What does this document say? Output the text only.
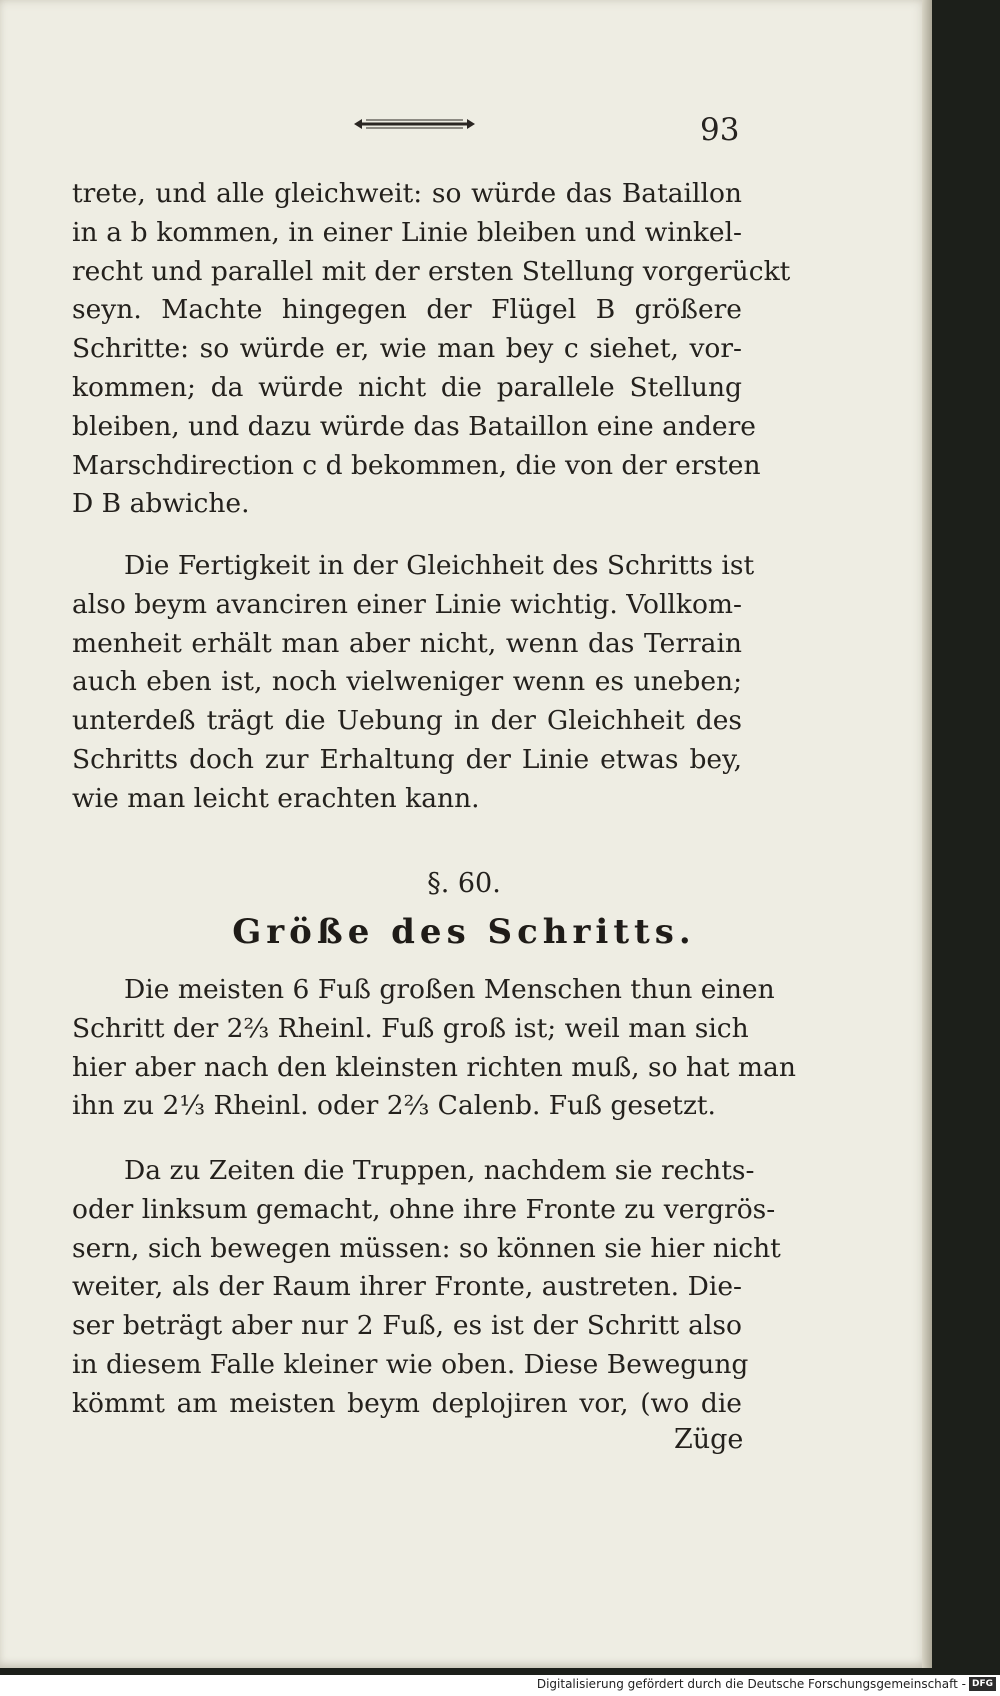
93
trete, und alle gleichweit: so würde das Bataillon
in a b kommen, in einer Linie bleiben und winkel-
recht und parallel mit der ersten Stellung vorgerückt
seyn. Machte hingegen der Flügel B größere
Schritte: so würde er, wie man bey c siehet, vor-
kommen; da würde nicht die parallele Stellung
bleiben, und dazu würde das Bataillon eine andere
Marschdirection c d bekommen, die von der ersten
D B abwiche.
Die Fertigkeit in der Gleichheit des Schritts ist
also beym avanciren einer Linie wichtig. Vollkom-
menheit erhält man aber nicht, wenn das Terrain
auch eben ist, noch vielweniger wenn es uneben;
unterdeß trägt die Uebung in der Gleichheit des
Schritts doch zur Erhaltung der Linie etwas bey,
wie man leicht erachten kann.
§. 60.
Größe des Schritts.
Die meisten 6 Fuß großen Menschen thun einen
Schritt der 2⅔ Rheinl. Fuß groß ist; weil man sich
hier aber nach den kleinsten richten muß, so hat man
ihn zu 2⅓ Rheinl. oder 2⅔ Calenb. Fuß gesetzt.
Da zu Zeiten die Truppen, nachdem sie rechts-
oder linksum gemacht, ohne ihre Fronte zu vergrös-
sern, sich bewegen müssen: so können sie hier nicht
weiter, als der Raum ihrer Fronte, austreten. Die-
ser beträgt aber nur 2 Fuß, es ist der Schritt also
in diesem Falle kleiner wie oben. Diese Bewegung
kömmt am meisten beym deplojiren vor, (wo die
Züge
Digitalisierung gefördert durch die Deutsche Forschungsgemeinschaft - DFG
